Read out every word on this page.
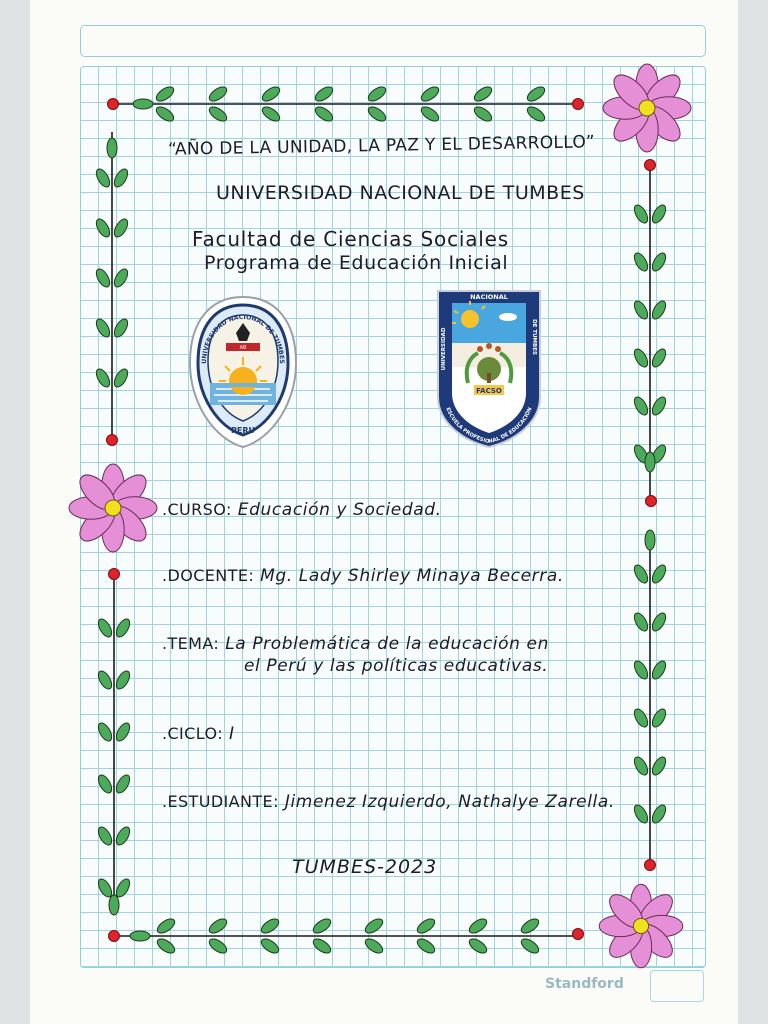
“AÑO DE LA UNIDAD, LA PAZ Y EL DESARROLLO”
UNIVERSIDAD NACIONAL DE TUMBES
Facultad de Ciencias Sociales
Programa de Educación Inicial
AB
UNIVERSIDAD NACIONAL DE TUMBES
PERU
FACSO
NACIONAL
UNIVERSIDAD	DE TUMBES
ESCUELA PROFESIONAL DE EDUCACIÓN
.CURSO: Educación y Sociedad.
.DOCENTE: Mg. Lady Shirley Minaya Becerra.
.TEMA: La Problemática de la educación en
el Perú y las políticas educativas.
.CICLO: I
.ESTUDIANTE: Jimenez Izquierdo, Nathalye Zarella.
TUMBES-2023
Standford
